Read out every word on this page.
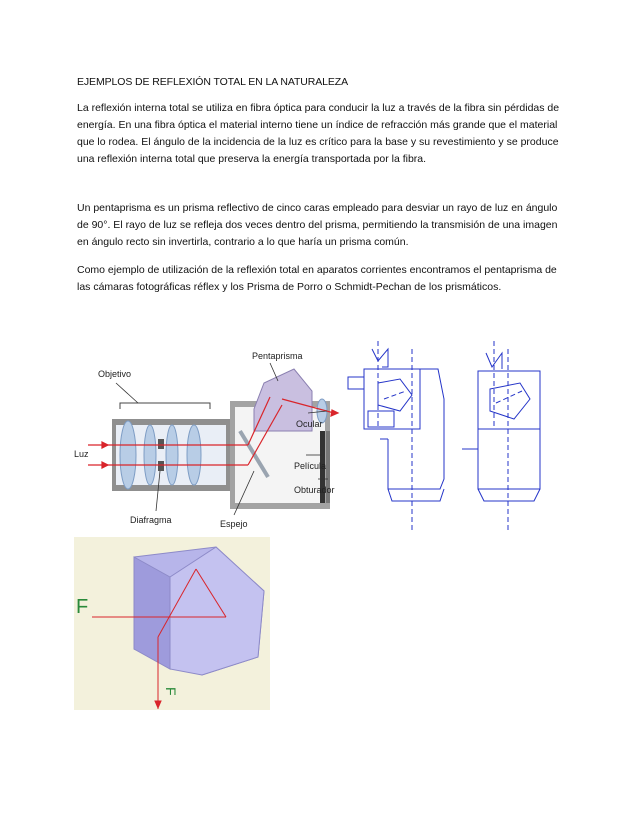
EJEMPLOS DE REFLEXIÓN TOTAL EN LA NATURALEZA

La reflexión interna total se utiliza en fibra óptica para conducir la luz a través de la fibra sin pérdidas de energía. En una fibra óptica el material interno tiene un índice de refracción más grande que el material que lo rodea. El ángulo de la incidencia de la luz es crítico para la base y su revestimiento y se produce una reflexión interna total que preserva la energía transportada por la fibra.

Un pentaprisma es un prisma reflectivo de cinco caras empleado para desviar un rayo de luz en ángulo de 90°. El rayo de luz se refleja dos veces dentro del prisma, permitiendo la transmisión de una imagen en ángulo recto sin invertirla, contrario a lo que haría un prisma común.

Como ejemplo de utilización de la reflexión total en aparatos corrientes encontramos el pentaprisma de las cámaras fotográficas réflex y los Prisma de Porro o Schmidt-Pechan de los prismáticos.

Objetivo
Pentaprisma
Ocular
Luz
Película
Obturador
Diafragma	Espejo
F
F
